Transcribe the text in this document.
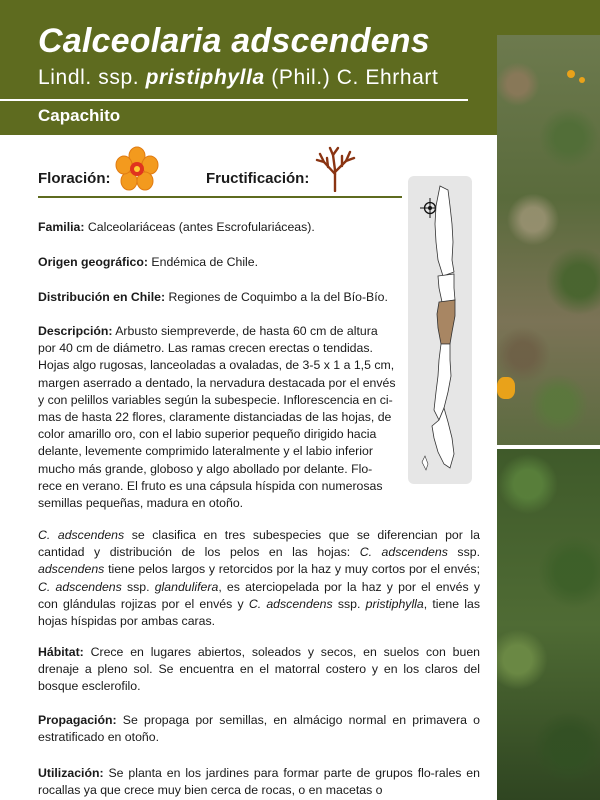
Calceolaria adscendens
Lindl. ssp. pristiphylla (Phil.) C. Ehrhart
Capachito
Floración:	Fructificación:
Familia: Calceolariáceas (antes Escrofulariáceas).
Origen geográfico: Endémica de Chile.
Distribución en Chile: Regiones de Coquimbo a la del Bío-Bío.
Descripción: Arbusto siempreverde, de hasta 60 cm de altura
por 40 cm de diámetro. Las ramas crecen erectas o tendidas.
Hojas algo rugosas, lanceoladas a ovaladas, de 3-5 x 1 a 1,5 cm,
margen aserrado a dentado, la nervadura destacada por el envés
y con pelillos variables según la subespecie. Inflorescencia en ci-
mas de hasta 22 flores, claramente distanciadas de las hojas, de
color amarillo oro, con el labio superior pequeño dirigido hacia
delante, levemente comprimido lateralmente y el labio inferior
mucho más grande, globoso y algo abollado por delante. Flo-
rece en verano. El fruto es una cápsula híspida con numerosas
semillas pequeñas, madura en otoño.
C. adscendens se clasifica en tres subespecies que se diferencian por la cantidad y distribución de los pelos en las hojas: C. adscendens ssp. adscendens tiene pelos largos y retorcidos por la haz y muy cortos por el envés; C. adscendens ssp. glandulifera, es aterciopelada por la haz y por el envés y con glándulas rojizas por el envés y C. adscendens ssp. pristiphylla, tiene las hojas híspidas por ambas caras.
Hábitat: Crece en lugares abiertos, soleados y secos, en suelos con buen drenaje a pleno sol. Se encuentra en el matorral costero y en los claros del bosque esclerofilo.
Propagación: Se propaga por semillas, en almácigo normal en primavera o estratificado en otoño.
Utilización: Se planta en los jardines para formar parte de grupos flo-rales en rocallas ya que crece muy bien cerca de rocas, o en macetas o
